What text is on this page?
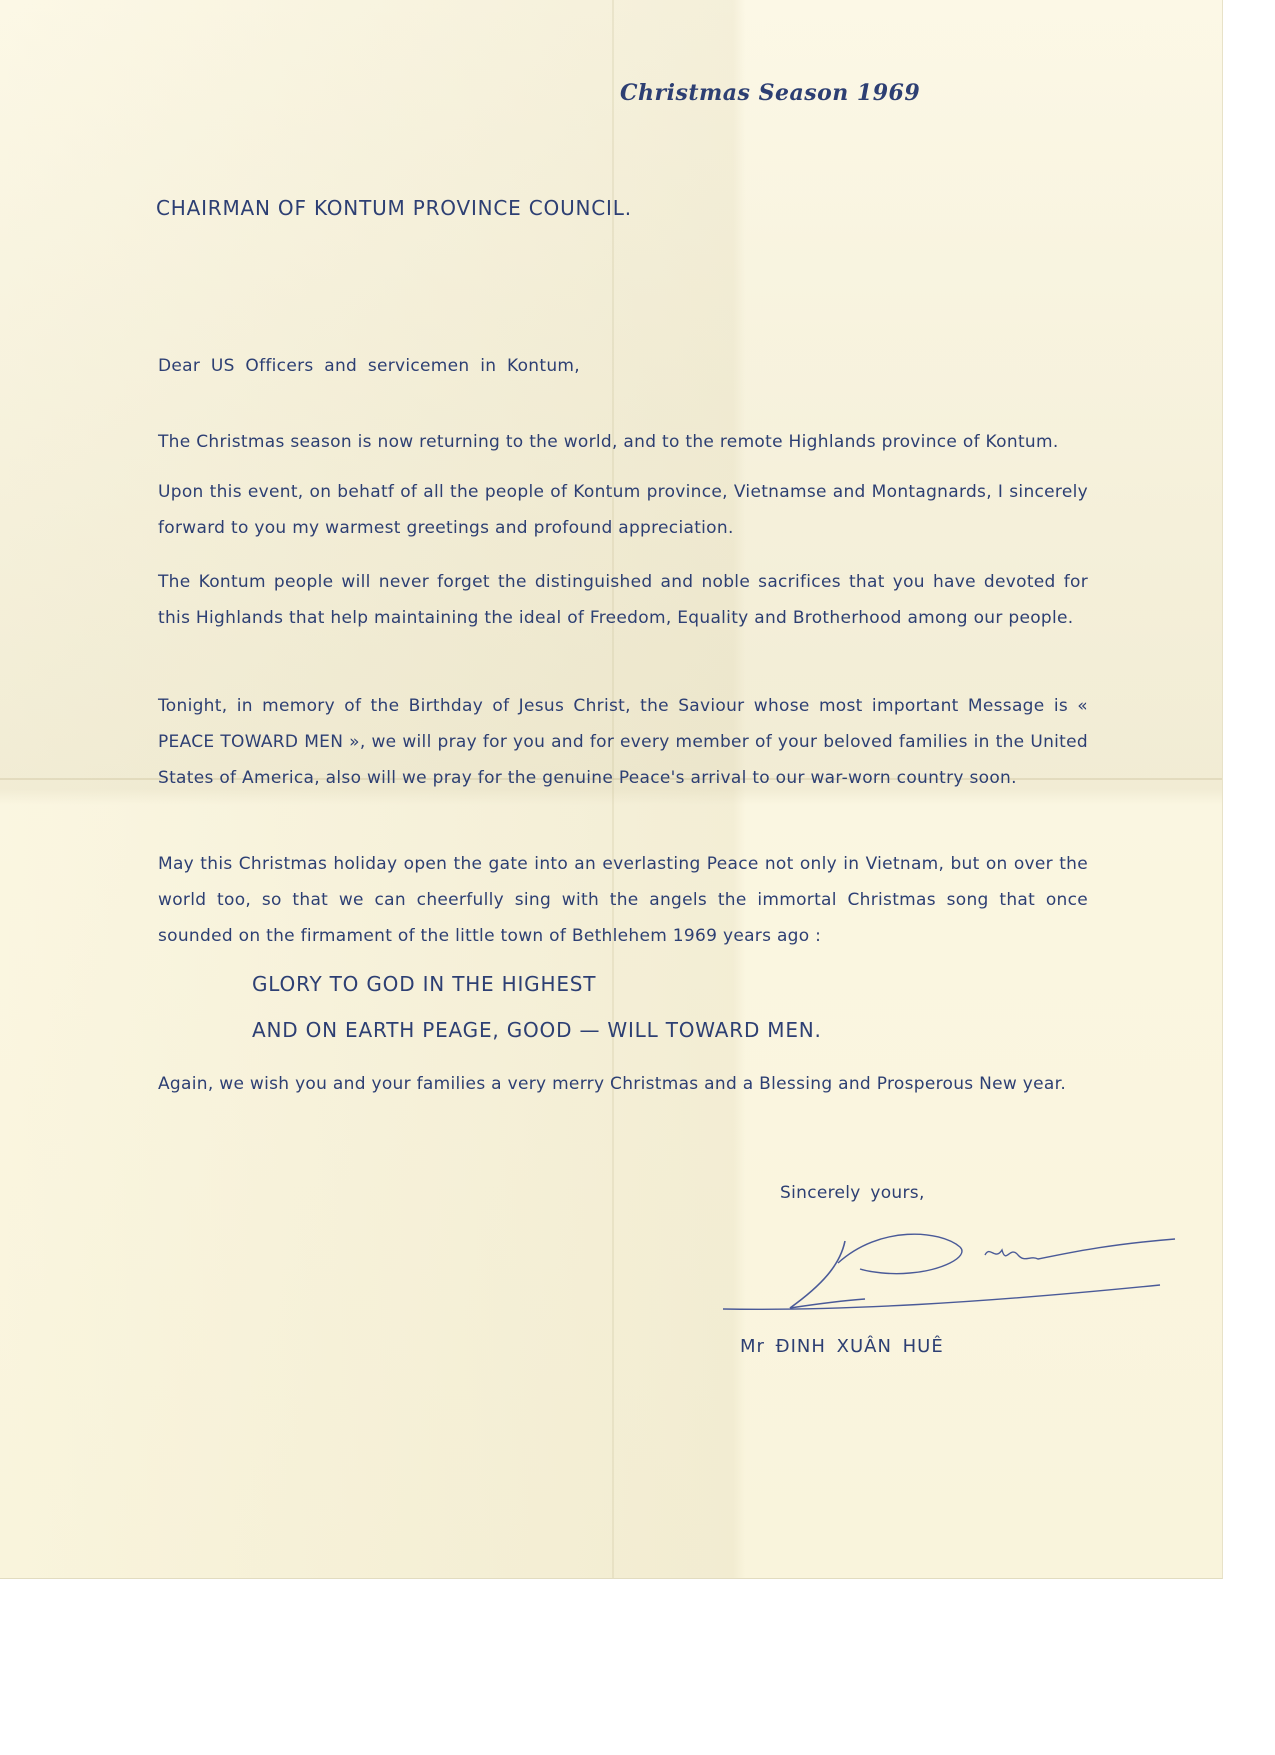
Christmas Season 1969
CHAIRMAN OF KONTUM PROVINCE COUNCIL.
Dear US Officers and servicemen in Kontum,
The Christmas season is now returning to the world, and to the remote Highlands province of Kontum.
Upon this event, on behatf of all the people of Kontum province, Vietnamse and Montagnards, I sincerely forward to you my warmest greetings and profound appreciation.
The Kontum people will never forget the distinguished and noble sacrifices that you have devoted for this Highlands that help maintaining the ideal of Freedom, Equality and Brotherhood among our people.
Tonight, in memory of the Birthday of Jesus Christ, the Saviour whose most important Message is « PEACE TOWARD MEN », we will pray for you and for every member of your beloved families in the United States of America, also will we pray for the genuine Peace's arrival to our war-worn country soon.
May this Christmas holiday open the gate into an everlasting Peace not only in Vietnam, but on over the world too, so that we can cheerfully sing with the angels the immortal Christmas song that once sounded on the firmament of the little town of Bethlehem 1969 years ago :
GLORY TO GOD IN THE HIGHEST
AND ON EARTH PEAGE, GOOD — WILL TOWARD MEN.
Again, we wish you and your families a very merry Christmas and a Blessing and Prosperous New year.
Sincerely yours,
Mr ĐINH XUÂN HUÊ
